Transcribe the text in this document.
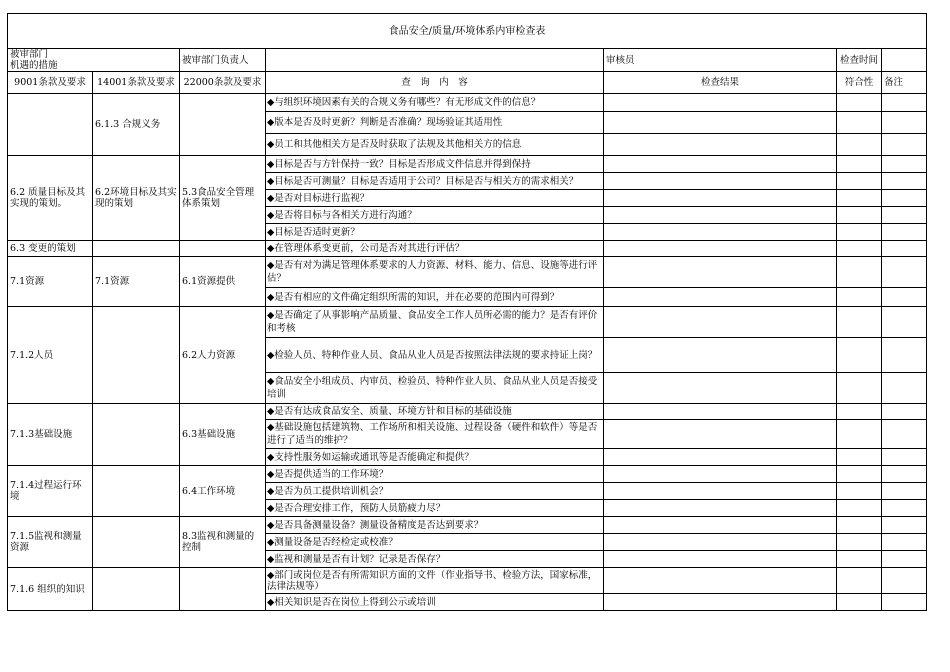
食品安全/质量/环境体系内审检查表						
被审部门
机遇的措施		被审部门负责人		审核员	检查时间	
9001条款及要求	14001条款及要求	22000条款及要求	查　询　内　容	检查结果	符合性	备注
	6.1.3 合规义务		◆与组织环境因素有关的合规义务有哪些？有无形成文件的信息？			
			◆版本是否及时更新？判断是否准确？现场验证其适用性			
			◆员工和其他相关方是否及时获取了法规及其他相关方的信息			
6.2 质量目标及其实现的策划。	6.2环境目标及其实现的策划	5.3食品安全管理体系策划	◆目标是否与方针保持一致？目标是否形成文件信息并得到保持			
			◆目标是否可测量？目标是否适用于公司？目标是否与相关方的需求相关？			
			◆是否对目标进行监视？			
			◆是否将目标与各相关方进行沟通？			
			◆目标是否适时更新？			
6.3 变更的策划			◆在管理体系变更前，公司是否对其进行评估？			
7.1资源	7.1资源	6.1资源提供	◆是否有对为满足管理体系要求的人力资源、材料、能力、信息、设施等进行评估？			
			◆是否有相应的文件确定组织所需的知识，并在必要的范围内可得到？			
7.1.2人员		6.2人力资源	◆是否确定了从事影响产品质量、食品安全工作人员所必需的能力？是否有评价和考核			
			◆检验人员、特种作业人员、食品从业人员是否按照法律法规的要求持证上岗？			
			◆食品安全小组成员、内审员、检验员、特种作业人员、食品从业人员是否接受培训			
7.1.3基础设施		6.3基础设施	◆是否有达成食品安全、质量、环境方针和目标的基础设施			
			◆基础设施包括建筑物、工作场所和相关设施、过程设备（硬件和软件）等是否进行了适当的维护？			
			◆支持性服务如运输或通讯等是否能确定和提供？			
7.1.4过程运行环境		6.4工作环境	◆是否提供适当的工作环境？			
			◆是否为员工提供培训机会？			
			◆是否合理安排工作，预防人员筋疲力尽？			
7.1.5监视和测量资源		8.3监视和测量的控制	◆是否具备测量设备？测量设备精度是否达到要求？			
			◆测量设备是否经检定或校准？			
			◆监视和测量是否有计划？记录是否保存？			
7.1.6 组织的知识			◆部门或岗位是否有所需知识方面的文件（作业指导书、检验方法，国家标准，法律法规等）			
			◆相关知识是否在岗位上得到公示或培训			
